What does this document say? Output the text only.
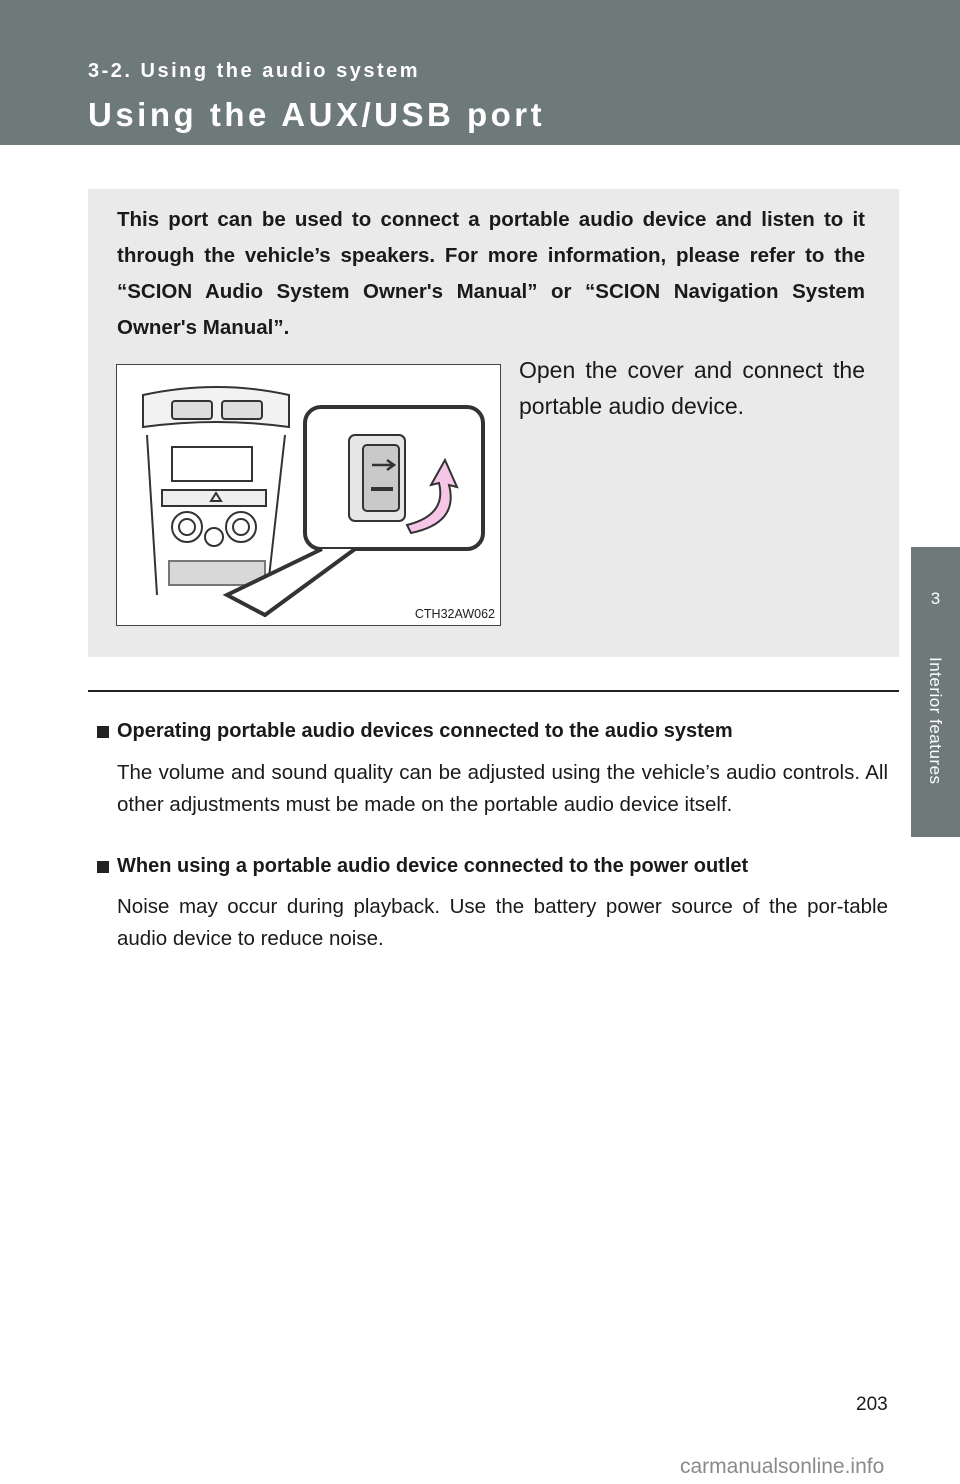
3-2. Using the audio system
Using the AUX/USB port
3
Interior features
This port can be used to connect a portable audio device and listen to it through the vehicle’s speakers. For more information, please refer to the “SCION Audio System Owner's Manual” or “SCION Navigation System Owner's Manual”.
CTH32AW062
Open the cover and connect the portable audio device.
Operating portable audio devices connected to the audio system
The volume and sound quality can be adjusted using the vehicle’s audio controls. All other adjustments must be made on the portable audio device itself.
When using a portable audio device connected to the power outlet
Noise may occur during playback. Use the battery power source of the por-table audio device to reduce noise.
203
carmanualsonline.info
